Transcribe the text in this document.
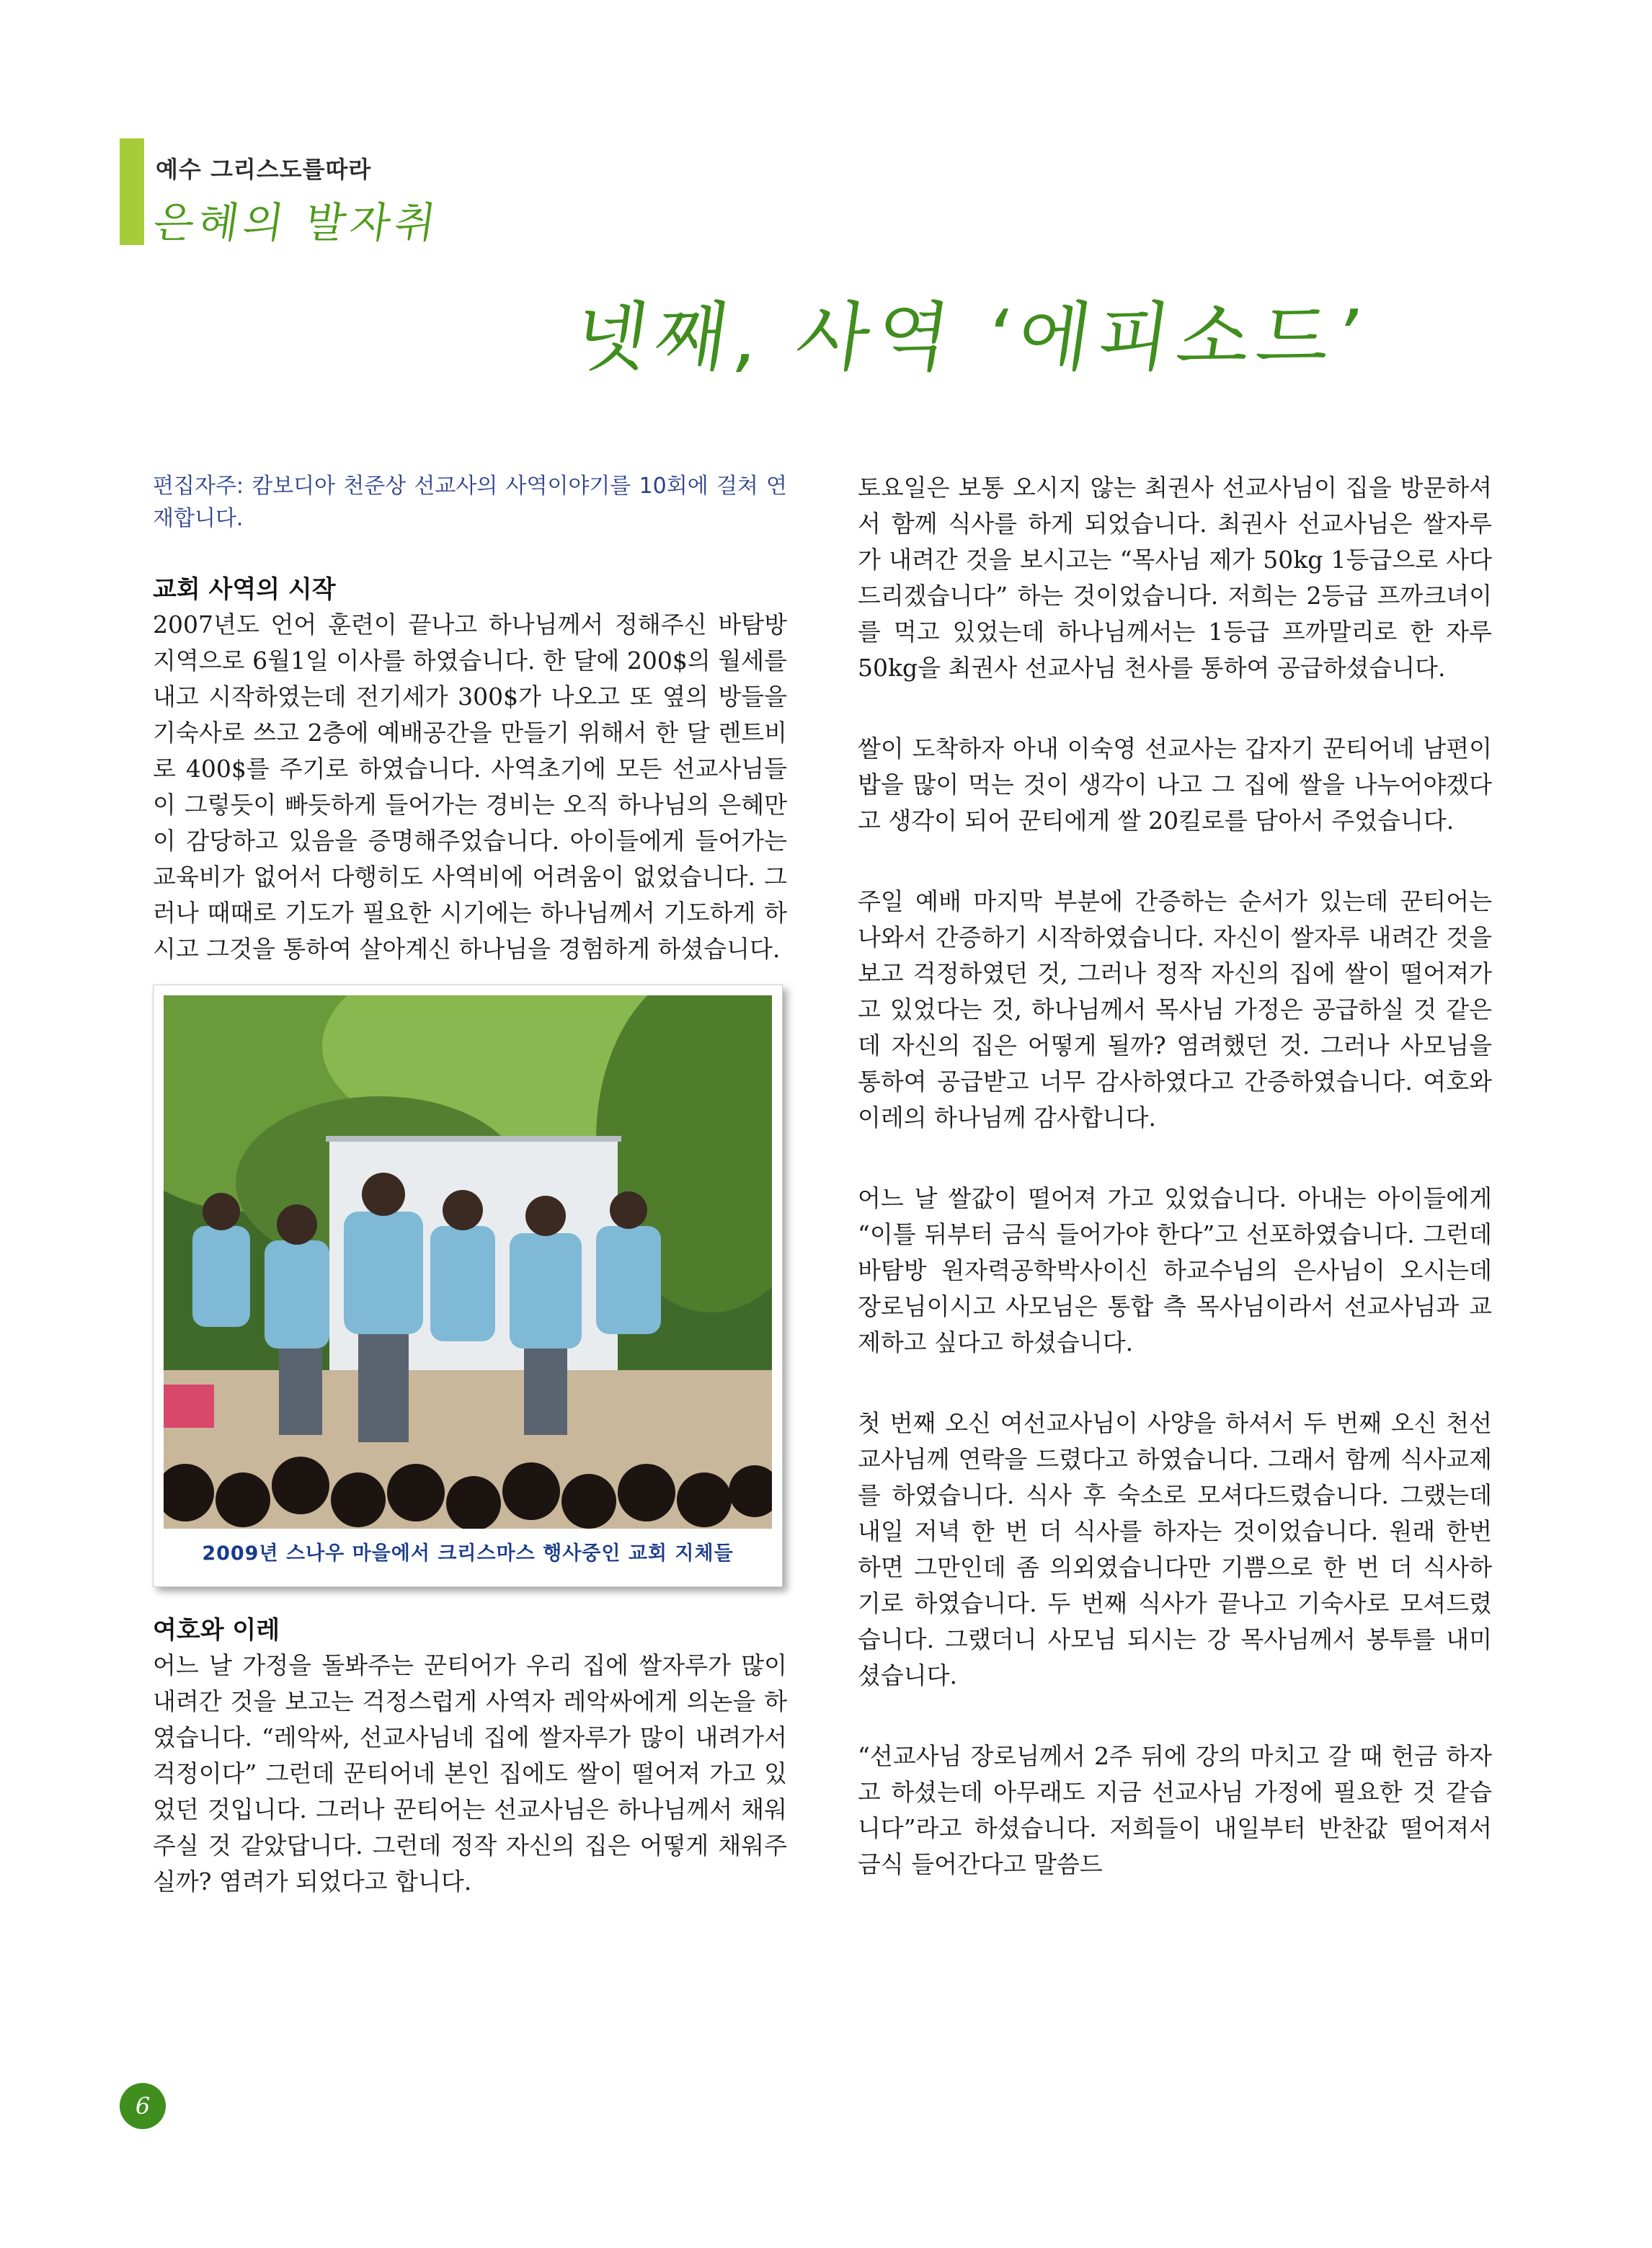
예수 그리스도를따라
은혜의 발자취
넷째, 사역 ‘에피소드’

편집자주: 캄보디아 천준상 선교사의 사역이야기를 10회에 걸쳐 연재합니다.

교회 사역의 시작

2007년도 언어 훈련이 끝나고 하나님께서 정해주신 바탐방 지역으로 6월1일 이사를 하였습니다. 한 달에 200$의 월세를 내고 시작하였는데 전기세가 300$가 나오고 또 옆의 방들을 기숙사로 쓰고 2층에 예배공간을 만들기 위해서 한 달 렌트비로 400$를 주기로 하였습니다. 사역초기에 모든 선교사님들이 그렇듯이 빠듯하게 들어가는 경비는 오직 하나님의 은혜만이 감당하고 있음을 증명해주었습니다. 아이들에게 들어가는 교육비가 없어서 다행히도 사역비에 어려움이 없었습니다. 그러나 때때로 기도가 필요한 시기에는 하나님께서 기도하게 하시고 그것을 통하여 살아계신 하나님을 경험하게 하셨습니다.

2009년 스나우 마을에서 크리스마스 행사중인 교회 지체들
여호와 이레

어느 날 가정을 돌봐주는 꾼티어가 우리 집에 쌀자루가 많이 내려간 것을 보고는 걱정스럽게 사역자 레악싸에게 의논을 하였습니다. “레악싸, 선교사님네 집에 쌀자루가 많이 내려가서 걱정이다” 그런데 꾼티어네 본인 집에도 쌀이 떨어져 가고 있었던 것입니다. 그러나 꾼티어는 선교사님은 하나님께서 채워주실 것 같았답니다. 그런데 정작 자신의 집은 어떻게 채워주실까? 염려가 되었다고 합니다.

토요일은 보통 오시지 않는 최권사 선교사님이 집을 방문하셔서 함께 식사를 하게 되었습니다. 최권사 선교사님은 쌀자루가 내려간 것을 보시고는 “목사님 제가 50kg 1등급으로 사다 드리겠습니다” 하는 것이었습니다. 저희는 2등급 프까크녀이를 먹고 있었는데 하나님께서는 1등급 프까말리로 한 자루 50kg을 최권사 선교사님 천사를 통하여 공급하셨습니다.

쌀이 도착하자 아내 이숙영 선교사는 갑자기 꾼티어네 남편이 밥을 많이 먹는 것이 생각이 나고 그 집에 쌀을 나누어야겠다고 생각이 되어 꾼티에게 쌀 20킬로를 담아서 주었습니다.

주일 예배 마지막 부분에 간증하는 순서가 있는데 꾼티어는 나와서 간증하기 시작하였습니다. 자신이 쌀자루 내려간 것을 보고 걱정하였던 것, 그러나 정작 자신의 집에 쌀이 떨어져가고 있었다는 것, 하나님께서 목사님 가정은 공급하실 것 같은데 자신의 집은 어떻게 될까? 염려했던 것. 그러나 사모님을 통하여 공급받고 너무 감사하였다고 간증하였습니다. 여호와 이레의 하나님께 감사합니다.

어느 날 쌀값이 떨어져 가고 있었습니다. 아내는 아이들에게 “이틀 뒤부터 금식 들어가야 한다”고 선포하였습니다. 그런데 바탐방 원자력공학박사이신 하교수님의 은사님이 오시는데 장로님이시고 사모님은 통합 측 목사님이라서 선교사님과 교제하고 싶다고 하셨습니다.

첫 번째 오신 여선교사님이 사양을 하셔서 두 번째 오신 천선교사님께 연락을 드렸다고 하였습니다. 그래서 함께 식사교제를 하였습니다. 식사 후 숙소로 모셔다드렸습니다. 그랬는데 내일 저녁 한 번 더 식사를 하자는 것이었습니다. 원래 한번 하면 그만인데 좀 의외였습니다만 기쁨으로 한 번 더 식사하기로 하였습니다. 두 번째 식사가 끝나고 기숙사로 모셔드렸습니다. 그랬더니 사모님 되시는 강 목사님께서 봉투를 내미셨습니다.

“선교사님 장로님께서 2주 뒤에 강의 마치고 갈 때 헌금 하자고 하셨는데 아무래도 지금 선교사님 가정에 필요한 것 같습니다”라고 하셨습니다. 저희들이 내일부터 반찬값 떨어져서 금식 들어간다고 말씀드

6
